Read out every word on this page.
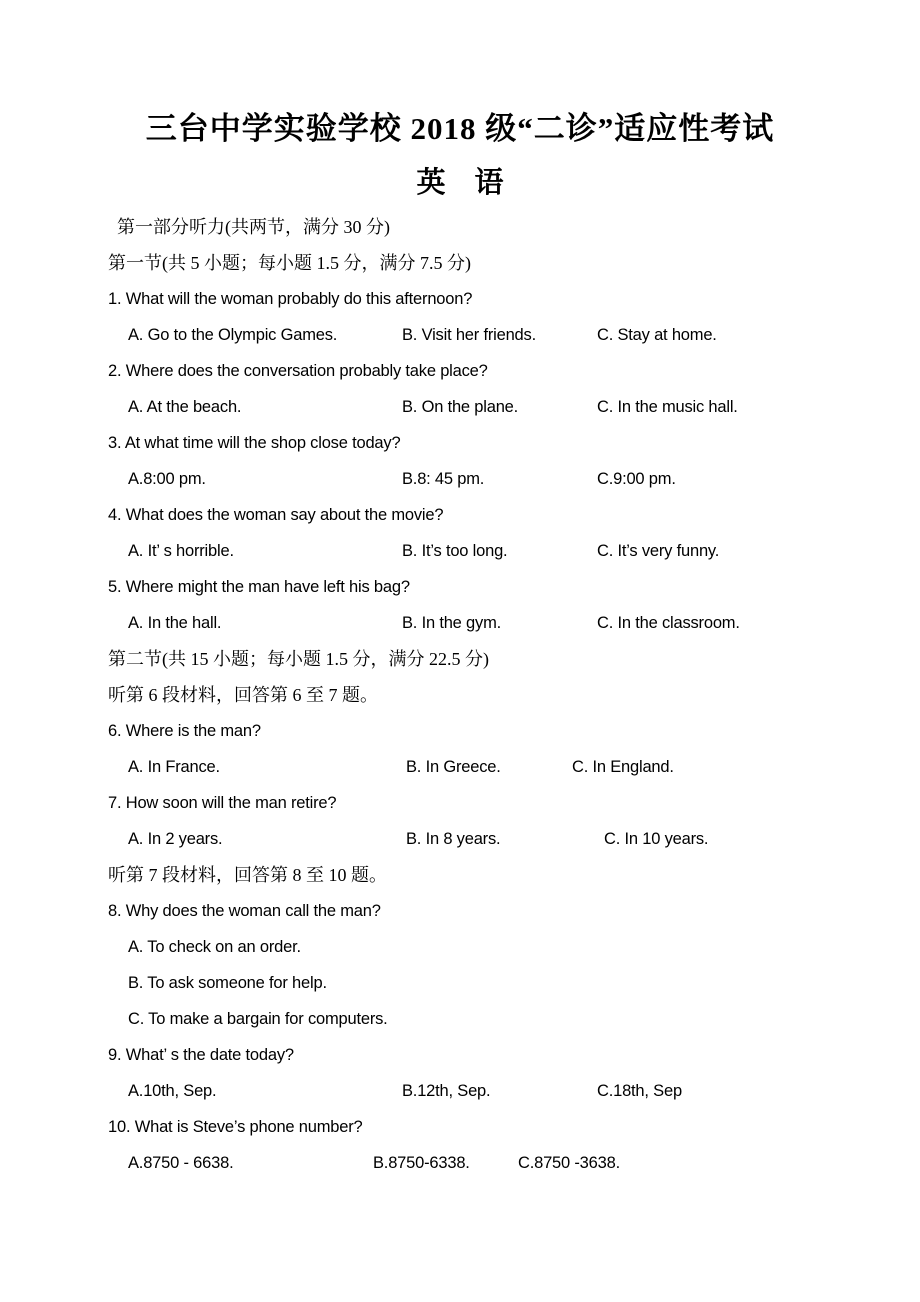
三台中学实验学校 2018 级“二诊”适应性考试
英    语
第一部分听力(共两节，满分 30 分)
第一节(共 5 小题；每小题 1.5 分，满分 7.5 分)
1. What will the woman probably do this afternoon?

A. Go to the Olympic Games.

	B. Visit her friends.

	C. Stay at home.

2. Where does the conversation probably take place?

A. At the beach.

	B. On the plane.

	C. In the music hall.

3. At what time will the shop close today?

A.8:00 pm.

	B.8: 45 pm.

	C.9:00 pm.

4. What does the woman say about the movie?

A. It’ s horrible.

	B. It’s too long.

	C. It’s very funny.

5. Where might the man have left his bag?

A. In the hall.

	B. In the gym.

	C. In the classroom.

第二节(共 15 小题；每小题 1.5 分，满分 22.5 分)
听第 6 段材料，回答第 6 至 7 题。
6. Where is the man?

A. In France.

	B. In Greece.

	C. In England.

7. How soon will the man retire?

A. In 2 years.

	B. In 8 years.

	C. In 10 years.

听第 7 段材料，回答第 8 至 10 题。
8. Why does the woman call the man?

A. To check on an order.

B. To ask someone for help.

C. To make a bargain for computers.

9. What’ s the date today?

A.10th, Sep.

	B.12th, Sep.

	C.18th, Sep

10. What is Steve’s phone number?

A.8750 - 6638.

	B.8750-6338.

	C.8750 -3638.
